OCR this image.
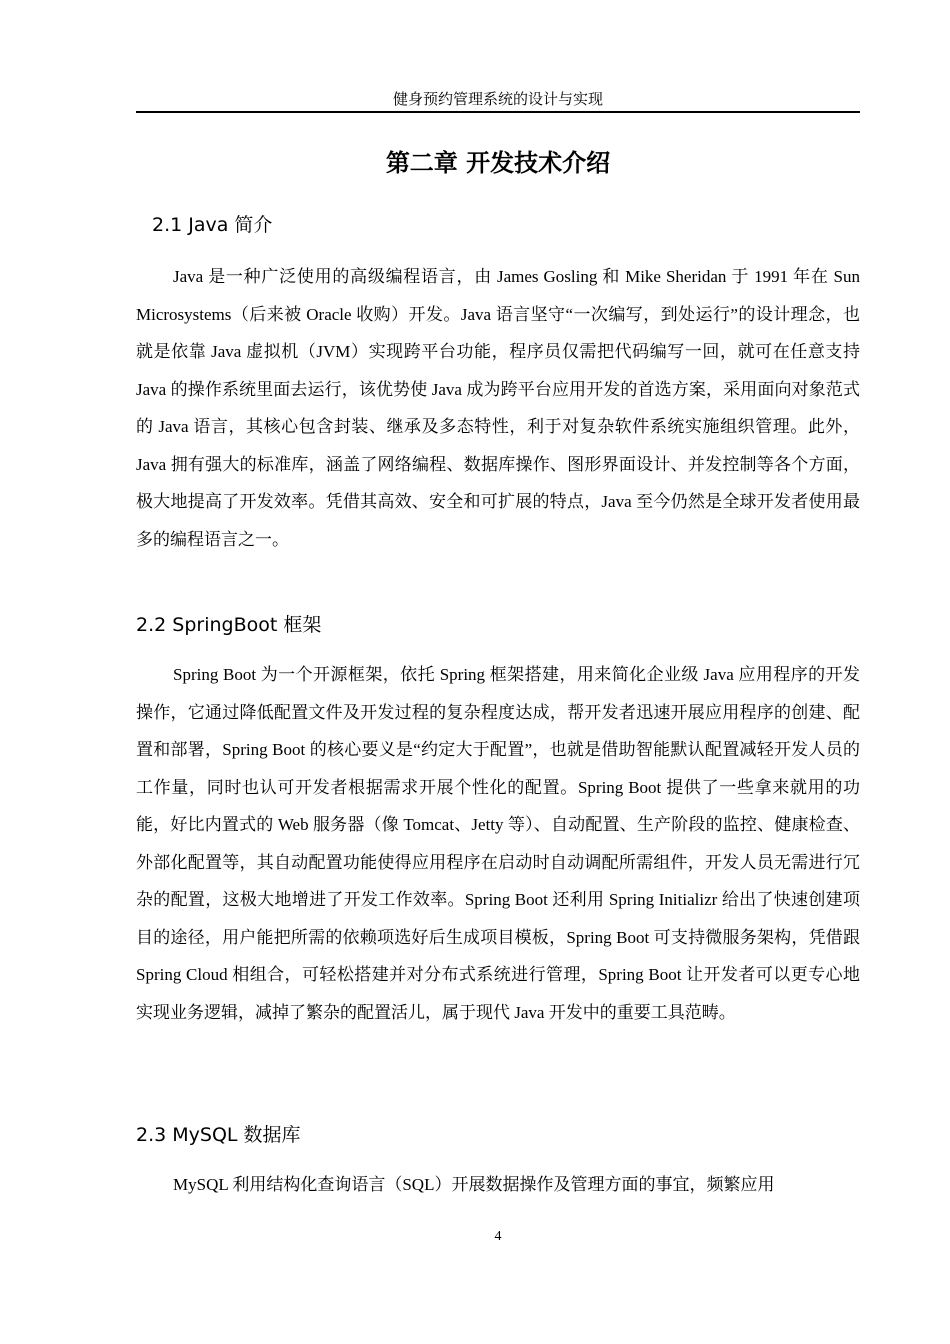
健身预约管理系统的设计与实现
第二章 开发技术介绍
2.1 Java 简介

Java 是一种广泛使用的高级编程语言，由 James Gosling 和 Mike Sheridan 于 1991 年在 Sun Microsystems（后来被 Oracle 收购）开发。Java 语言坚守“一次编写，到处运行”的设计理念，也就是依靠 Java 虚拟机（JVM）实现跨平台功能，程序员仅需把代码编写一回，就可在任意支持 Java 的操作系统里面去运行，该优势使 Java 成为跨平台应用开发的首选方案，采用面向对象范式的 Java 语言，其核心包含封装、继承及多态特性，利于对复杂软件系统实施组织管理。此外，Java 拥有强大的标准库，涵盖了网络编程、数据库操作、图形界面设计、并发控制等各个方面，极大地提高了开发效率。凭借其高效、安全和可扩展的特点，Java 至今仍然是全球开发者使用最多的编程语言之一。

2.2 SpringBoot 框架

Spring Boot 为一个开源框架，依托 Spring 框架搭建，用来简化企业级 Java 应用程序的开发操作，它通过降低配置文件及开发过程的复杂程度达成，帮开发者迅速开展应用程序的创建、配置和部署，Spring Boot 的核心要义是“约定大于配置”，也就是借助智能默认配置减轻开发人员的工作量，同时也认可开发者根据需求开展个性化的配置。Spring Boot 提供了一些拿来就用的功能，好比内置式的 Web 服务器（像 Tomcat、Jetty 等）、自动配置、生产阶段的监控、健康检查、外部化配置等，其自动配置功能使得应用程序在启动时自动调配所需组件，开发人员无需进行冗杂的配置，这极大地增进了开发工作效率。Spring Boot 还利用 Spring Initializr 给出了快速创建项目的途径，用户能把所需的依赖项选好后生成项目模板，Spring Boot 可支持微服务架构，凭借跟 Spring Cloud 相组合，可轻松搭建并对分布式系统进行管理，Spring Boot 让开发者可以更专心地实现业务逻辑，减掉了繁杂的配置活儿，属于现代 Java 开发中的重要工具范畴。

2.3 MySQL 数据库

MySQL 利用结构化查询语言（SQL）开展数据操作及管理方面的事宜，频繁应用

4
